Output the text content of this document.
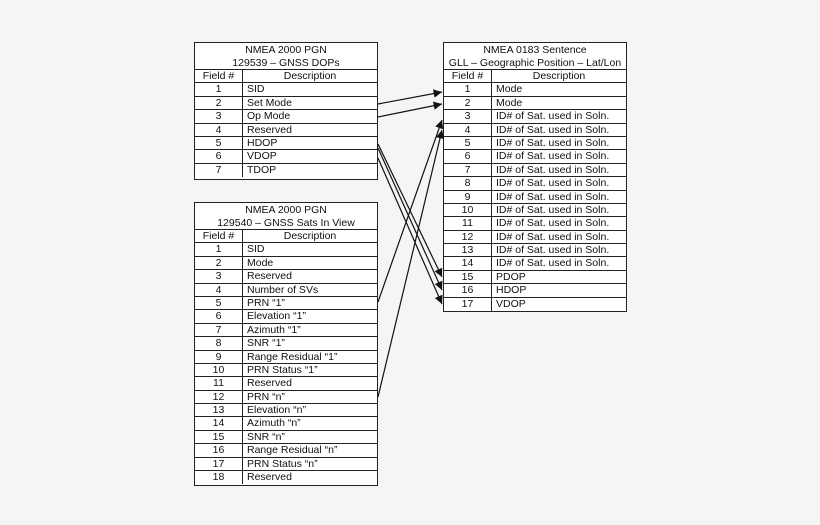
NMEA 2000 PGN
129539 – GNSS DOPs
Field #	Description
1	SID
2	Set Mode
3	Op Mode
4	Reserved
5	HDOP
6	VDOP
7	TDOP
NMEA 2000 PGN
129540 – GNSS Sats In View
Field #	Description
1	SID
2	Mode
3	Reserved
4	Number of SVs
5	PRN “1”
6	Elevation “1”
7	Azimuth “1”
8	SNR “1”
9	Range Residual “1”
10	PRN Status “1”
11	Reserved
12	PRN “n”
13	Elevation “n”
14	Azimuth “n”
15	SNR “n”
16	Range Residual “n”
17	PRN Status “n”
18	Reserved
NMEA 0183 Sentence
GLL – Geographic Position – Lat/Lon
Field #	Description
1	Mode
2	Mode
3	ID# of Sat. used in Soln.
4	ID# of Sat. used in Soln.
5	ID# of Sat. used in Soln.
6	ID# of Sat. used in Soln.
7	ID# of Sat. used in Soln.
8	ID# of Sat. used in Soln.
9	ID# of Sat. used in Soln.
10	ID# of Sat. used in Soln.
11	ID# of Sat. used in Soln.
12	ID# of Sat. used in Soln.
13	ID# of Sat. used in Soln.
14	ID# of Sat. used in Soln.
15	PDOP
16	HDOP
17	VDOP
